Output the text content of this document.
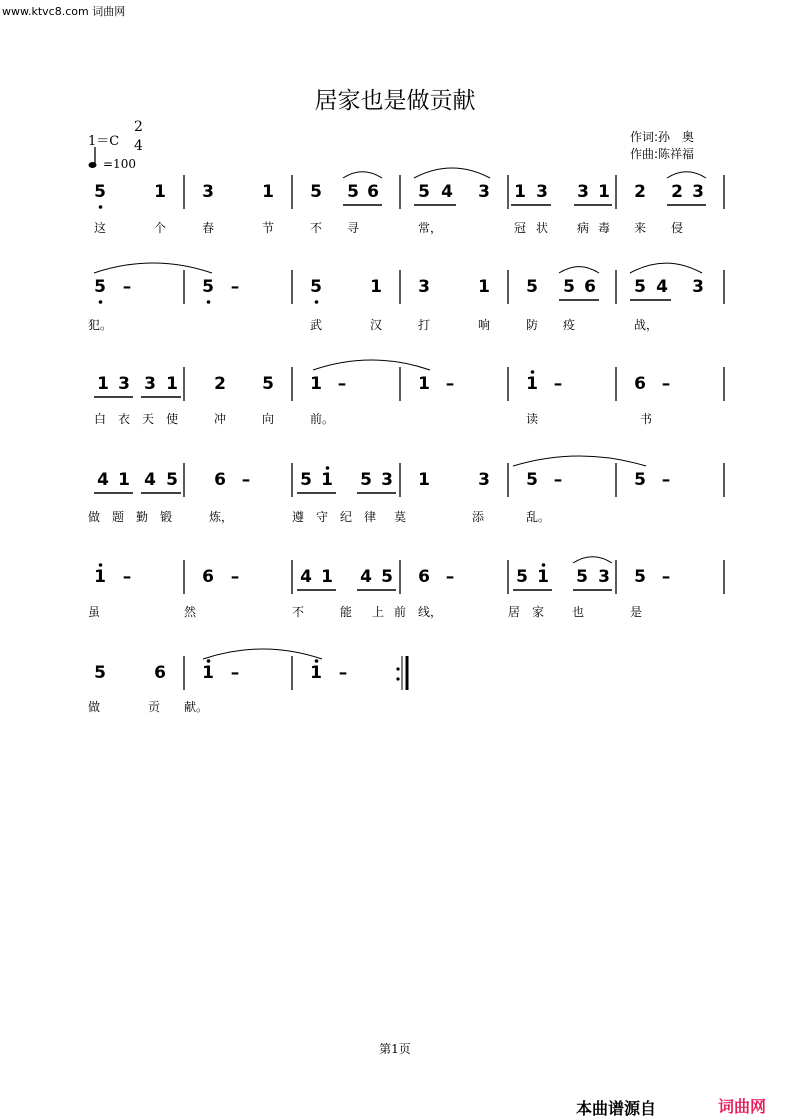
www.ktvc8.com 词曲网
居家也是做贡献
1＝C
2
4
=100
作词:孙　奥
作曲:陈祥福
5	1 3	1 5 5 6 5 4 3 1 3 3 1 2 2 3
这	个	春	节	不	寻	常，	冠 状	病 毒	来	侵
5 –	5 –	5	1 3	1 5 5 6 5 4 3
犯。	武	汉	打	响	防	疫	战，
1 3 3 1 2 5 1 –	1 –	1 –	6 –
白 衣 天 使	冲	向	前。	读	书
4 1 4 5 6 –	5 1 5 3 1	3 5 –	5 –
做 题 勤 锻	炼，	遵 守 纪 律	莫	添	乱。
1 –	6 –	4 1 4 5 6 –	5 1 5 3 5 –
虽	然	不	能	上 前 线，	居 家	也	是
5	6 1 –	1 –
做	贡	献。
第1页
本曲谱源自	词曲网
